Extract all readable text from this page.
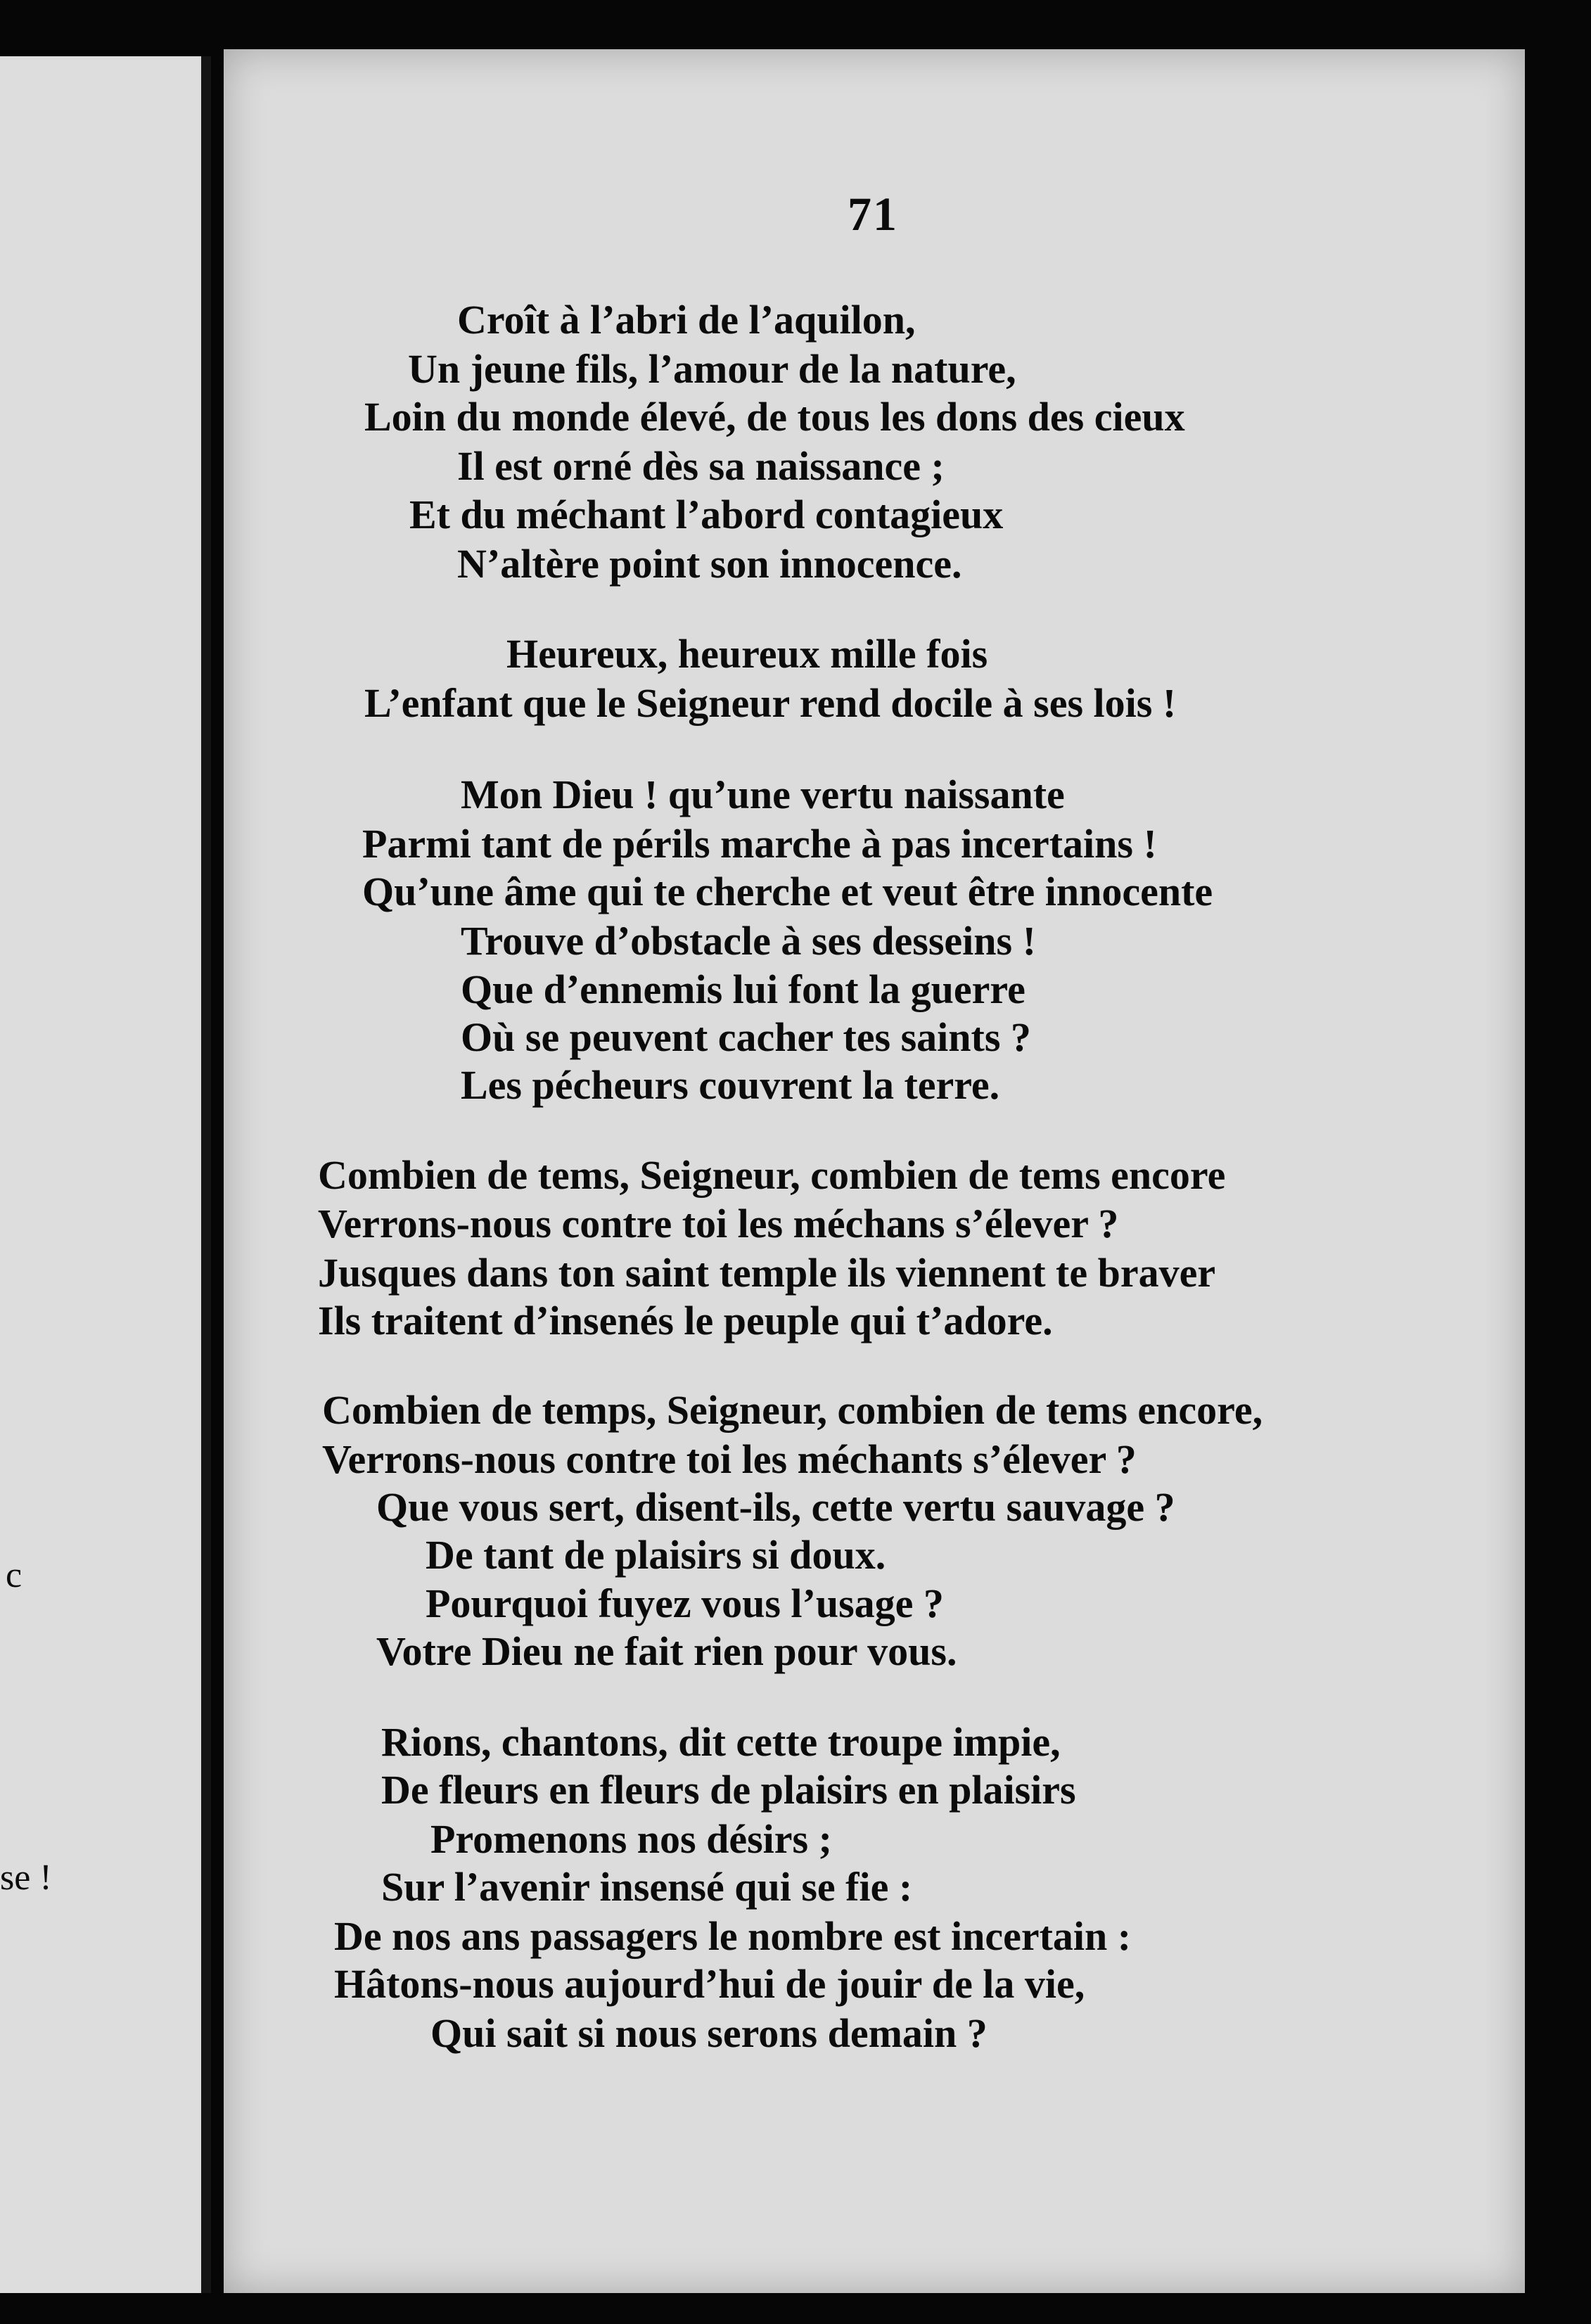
c
se !
71
Croît à l’abri de l’aquilon,
Un jeune fils, l’amour de la nature,
Loin du monde élevé, de tous les dons des cieux
Il est orné dès sa naissance ;
Et du méchant l’abord contagieux
N’altère point son innocence.
Heureux, heureux mille fois
L’enfant que le Seigneur rend docile à ses lois !
Mon Dieu ! qu’une vertu naissante
Parmi tant de périls marche à pas incertains !
Qu’une âme qui te cherche et veut être innocente
Trouve d’obstacle à ses desseins !
Que d’ennemis lui font la guerre
Où se peuvent cacher tes saints ?
Les pécheurs couvrent la terre.
Combien de tems, Seigneur, combien de tems encore
Verrons-nous contre toi les méchans s’élever ?
Jusques dans ton saint temple ils viennent te braver
Ils traitent d’insenés le peuple qui t’adore.
Combien de temps, Seigneur, combien de tems encore,
Verrons-nous contre toi les méchants s’élever ?
Que vous sert, disent-ils, cette vertu sauvage ?
De tant de plaisirs si doux.
Pourquoi fuyez vous l’usage ?
Votre Dieu ne fait rien pour vous.
Rions, chantons, dit cette troupe impie,
De fleurs en fleurs de plaisirs en plaisirs
Promenons nos désirs ;
Sur l’avenir insensé qui se fie :
De nos ans passagers le nombre est incertain :
Hâtons-nous aujourd’hui de jouir de la vie,
Qui sait si nous serons demain ?
